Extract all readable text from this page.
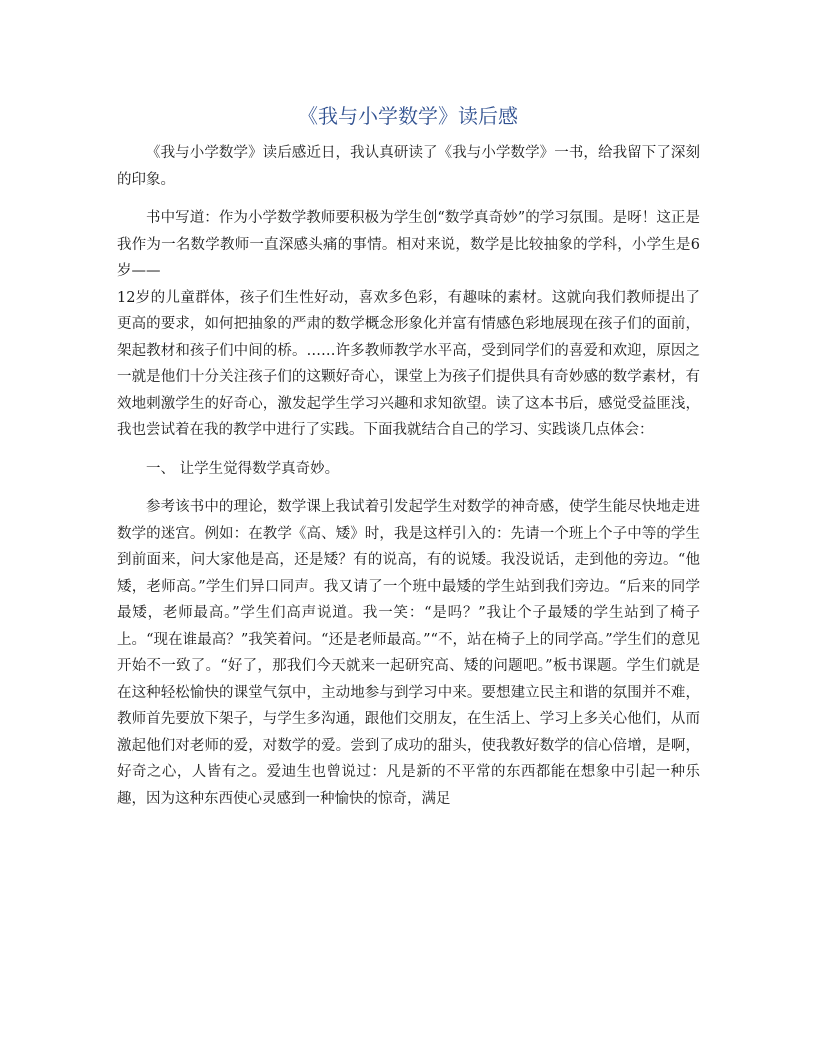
《我与小学数学》读后感

《我与小学数学》读后感近日，我认真研读了《我与小学数学》一书，给我留下了深刻的印象。

书中写道：作为小学数学教师要积极为学生创“数学真奇妙”的学习氛围。是呀！这正是我作为一名数学教师一直深感头痛的事情。相对来说，数学是比较抽象的学科，小学生是6岁——

12岁的儿童群体，孩子们生性好动，喜欢多色彩，有趣味的素材。这就向我们教师提出了更高的要求，如何把抽象的严肃的数学概念形象化并富有情感色彩地展现在孩子们的面前，架起教材和孩子们中间的桥。……许多教师教学水平高，受到同学们的喜爱和欢迎，原因之一就是他们十分关注孩子们的这颗好奇心，课堂上为孩子们提供具有奇妙感的数学素材，有效地刺激学生的好奇心，激发起学生学习兴趣和求知欲望。读了这本书后，感觉受益匪浅，我也尝试着在我的教学中进行了实践。下面我就结合自己的学习、实践谈几点体会：

一、 让学生觉得数学真奇妙。

参考该书中的理论，数学课上我试着引发起学生对数学的神奇感，使学生能尽快地走进数学的迷宫。例如：在教学《高、矮》时，我是这样引入的：先请一个班上个子中等的学生到前面来，问大家他是高，还是矮？有的说高，有的说矮。我没说话，走到他的旁边。“他矮，老师高。”学生们异口同声。我又请了一个班中最矮的学生站到我们旁边。“后来的同学最矮，老师最高。”学生们高声说道。我一笑：“是吗？”我让个子最矮的学生站到了椅子上。“现在谁最高？”我笑着问。“还是老师最高。”“不，站在椅子上的同学高。”学生们的意见开始不一致了。“好了，那我们今天就来一起研究高、矮的问题吧。”板书课题。学生们就是在这种轻松愉快的课堂气氛中，主动地参与到学习中来。要想建立民主和谐的氛围并不难，教师首先要放下架子，与学生多沟通，跟他们交朋友，在生活上、学习上多关心他们，从而激起他们对老师的爱，对数学的爱。尝到了成功的甜头，使我教好数学的信心倍增，是啊，好奇之心，人皆有之。爱迪生也曾说过：凡是新的不平常的东西都能在想象中引起一种乐趣，因为这种东西使心灵感到一种愉快的惊奇，满足
